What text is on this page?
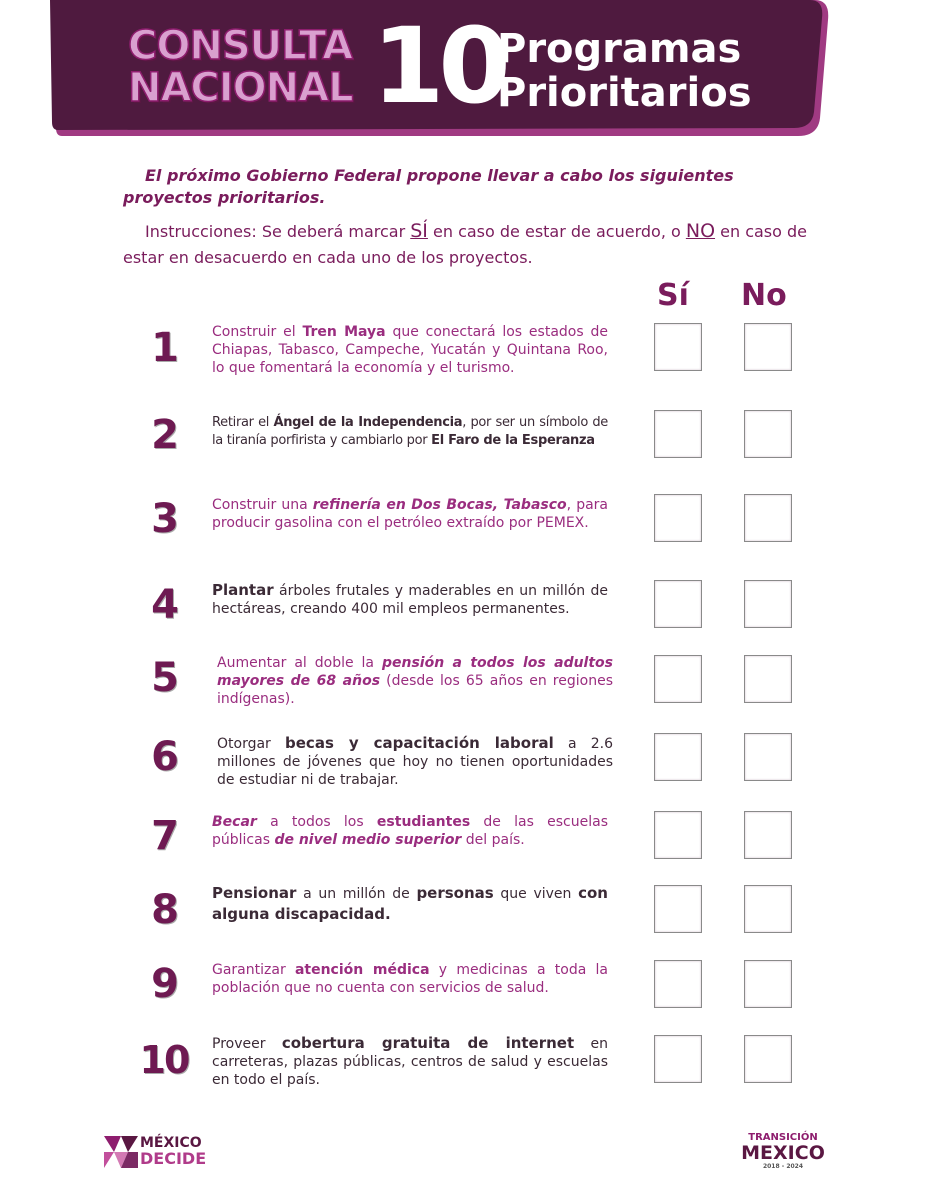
CONSULTA
NACIONAL 10
Programas
Prioritarios
El próximo Gobierno Federal propone llevar a cabo los siguientes proyectos prioritarios.
Instrucciones: Se deberá marcar SÍ en caso de estar de acuerdo, o NO en caso de estar en desacuerdo en cada uno de los proyectos.
Sí No
1	Construir el Tren Maya que conectará los estados de Chiapas, Tabasco, Campeche, Yucatán y Quintana Roo, lo que fomentará la economía y el turismo.
2	Retirar el Ángel de la Independencia, por ser un símbolo de la tiranía porfirista y cambiarlo por El Faro de la Esperanza
3	Construir una refinería en Dos Bocas, Tabasco, para producir gasolina con el petróleo extraído por PEMEX.
4	Plantar árboles frutales y maderables en un millón de hectáreas, creando 400 mil empleos permanentes.
5	Aumentar al doble la pensión a todos los adultos mayores de 68 años (desde los 65 años en regiones indígenas).
6	Otorgar becas y capacitación laboral a 2.6 millones de jóvenes que hoy no tienen oportunidades de estudiar ni de trabajar.
7	Becar a todos los estudiantes de las escuelas públicas de nivel medio superior del país.
8	Pensionar a un millón de personas que viven con alguna discapacidad.
9	Garantizar atención médica y medicinas a toda la población que no cuenta con servicios de salud.
10	Proveer cobertura gratuita de internet en carreteras, plazas públicas, centros de salud y escuelas en todo el país.
MÉXICO
DECIDE
TRANSICIÓN
MEXICO
2018 - 2024
